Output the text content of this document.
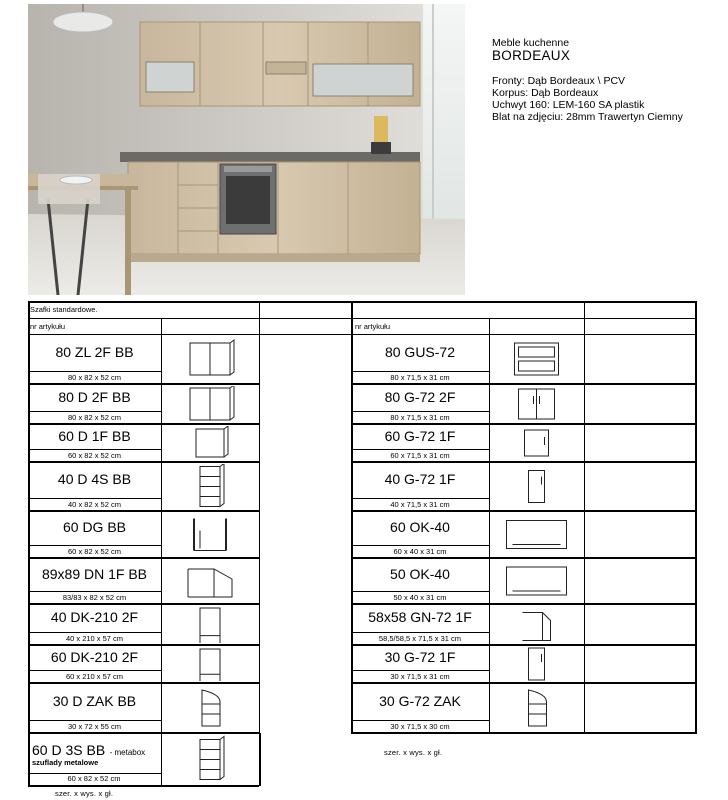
Meble kuchenne
BORDEAUX
Fronty: Dąb Bordeaux \ PCV
Korpus: Dąb Bordeaux
Uchwyt 160: LEM-160 SA plastik
Blat na zdjęciu: 28mm Trawertyn Ciemny
Szafki standardowe.
nr artykułu	nr artykułu
80 ZL 2F BB
80 x 82 x 52 cm
80 D 2F BB
80 x 82 x 52 cm
60 D 1F BB
60 x 82 x 52 cm
40 D 4S BB
40 x 82 x 52 cm
60 DG BB
60 x 82 x 52 cm
89x89 DN 1F BB
83/83 x 82 x 52 cm
40 DK-210 2F
40 x 210 x 57 cm
60 DK-210 2F
60 x 210 x 57 cm
30 D ZAK BB
30 x 72 x 55 cm
80 GUS-72
80 x 71,5 x 31 cm
80 G-72 2F
80 x 71,5 x 31 cm
60 G-72 1F
60 x 71,5 x 31 cm
40 G-72 1F
40 x 71,5 x 31 cm
60 OK-40
60 x 40 x 31 cm
50 OK-40
50 x 40 x 31 cm
58x58 GN-72 1F
58,5/58,5 x 71,5 x 31 cm
30 G-72 1F
30 x 71,5 x 31 cm
30 G-72 ZAK
30 x 71,5 x 30 cm
60 D 3S BB - metabox
szuflady metalowe
60 x 82 x 52 cm
szer. x wys. x gł.
szer. x wys. x gł.
